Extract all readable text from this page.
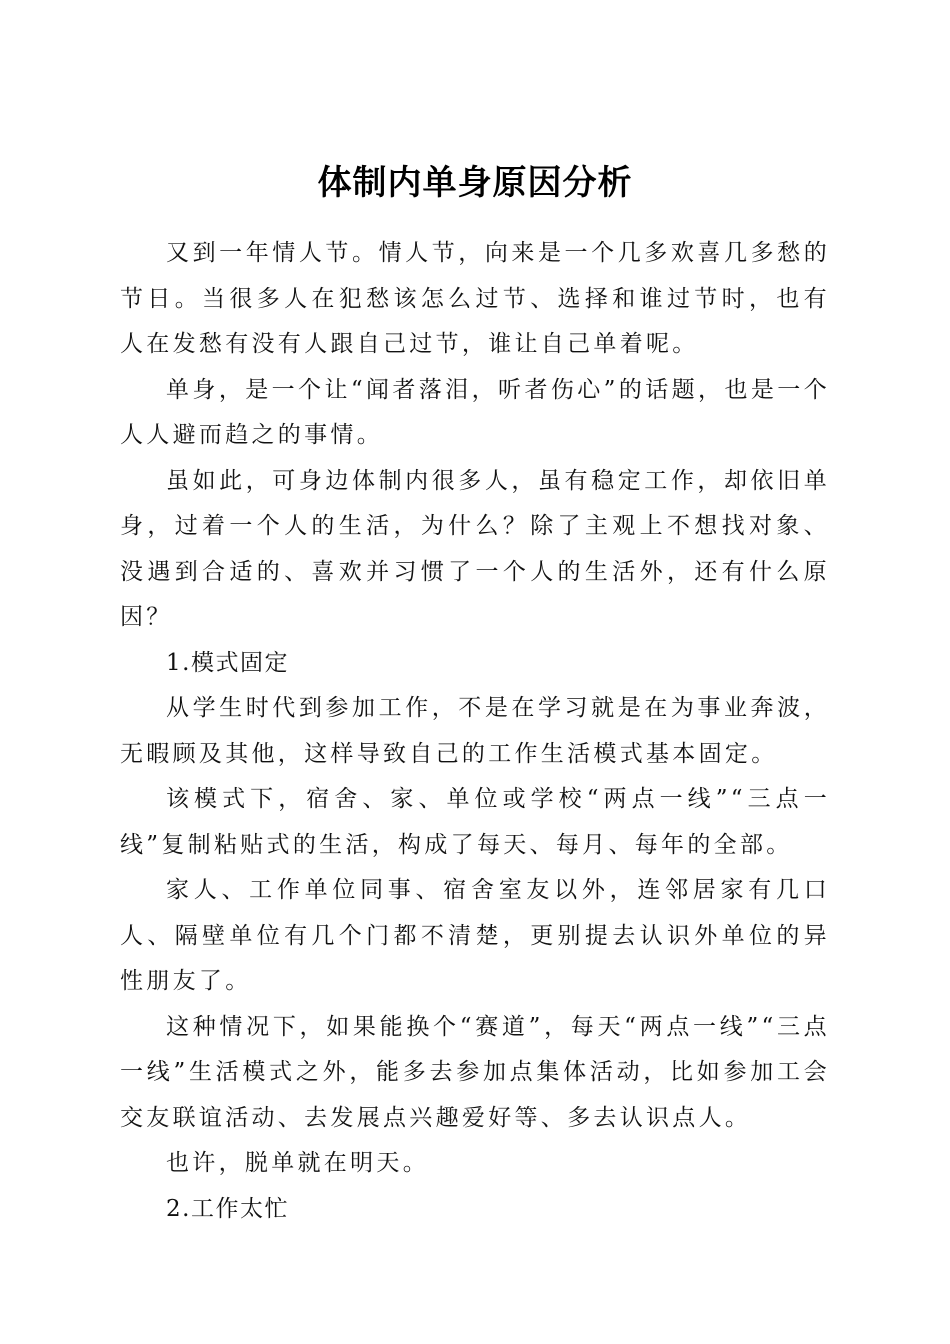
体制内单身原因分析

又到一年情人节。情人节，向来是一个几多欢喜几多愁的节日。当很多人在犯愁该怎么过节、选择和谁过节时，也有人在发愁有没有人跟自己过节，谁让自己单着呢。

单身，是一个让“闻者落泪，听者伤心”的话题，也是一个人人避而趋之的事情。

虽如此，可身边体制内很多人，虽有稳定工作，却依旧单身，过着一个人的生活，为什么？除了主观上不想找对象、没遇到合适的、喜欢并习惯了一个人的生活外，还有什么原因？

1.模式固定

从学生时代到参加工作，不是在学习就是在为事业奔波，无暇顾及其他，这样导致自己的工作生活模式基本固定。

该模式下，宿舍、家、单位或学校“两点一线”“三点一线”复制粘贴式的生活，构成了每天、每月、每年的全部。

家人、工作单位同事、宿舍室友以外，连邻居家有几口人、隔壁单位有几个门都不清楚，更别提去认识外单位的异性朋友了。

这种情况下，如果能换个“赛道”，每天“两点一线”“三点一线”生活模式之外，能多去参加点集体活动，比如参加工会交友联谊活动、去发展点兴趣爱好等、多去认识点人。

也许，脱单就在明天。

2.工作太忙
